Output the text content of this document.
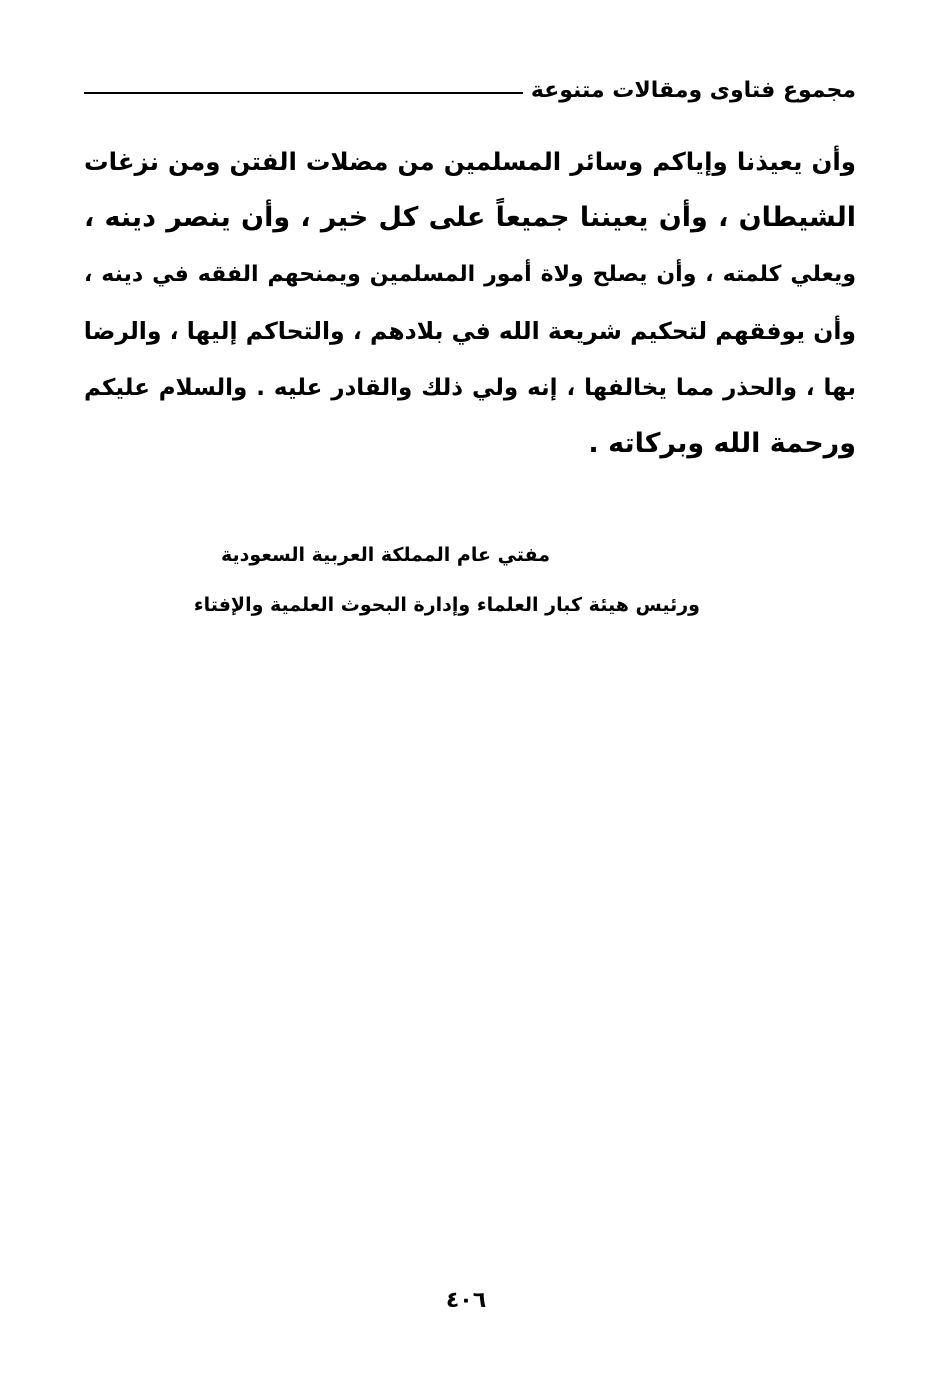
مجموع فتاوى ومقالات متنوعة
وأن يعيذنا وإياكم وسائر المسلمين من مضلات الفتن ومن نزغات
الشيطان ، وأن يعيننا جميعاً على كل خير ، وأن ينصر دينه ،
ويعلي كلمته ، وأن يصلح ولاة أمور المسلمين ويمنحهم الفقه في دينه ،
وأن يوفقهم لتحكيم شريعة الله في بلادهم ، والتحاكم إليها ، والرضا
بها ، والحذر مما يخالفها ، إنه ولي ذلك والقادر عليه . والسلام عليكم
ورحمة الله وبركاته .
مفتي عام المملكة العربية السعودية
ورئيس هيئة كبار العلماء وإدارة البحوث العلمية والإفتاء
٤٠٦
